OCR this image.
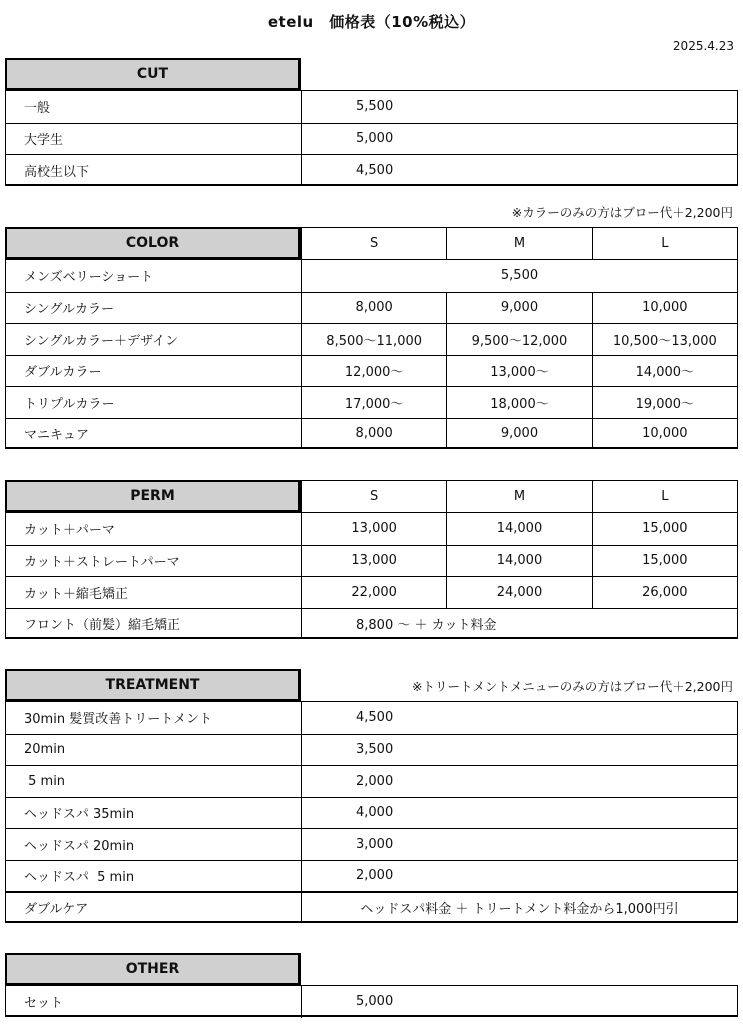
etelu　価格表（10%税込）
2025.4.23
CUT
一般	5,500
大学生	5,000
高校生以下	4,500
※カラーのみの方はブロー代＋2,200円
COLOR	S	M	L
メンズベリーショート	5,500
シングルカラー	8,000	9,000	10,000
シングルカラー＋デザイン	8,500〜11,000	9,500〜12,000	10,500〜13,000
ダブルカラー	12,000〜	13,000〜	14,000〜
トリプルカラー	17,000〜	18,000〜	19,000〜
マニキュア	8,000	9,000	10,000
PERM	S	M	L
カット＋パーマ	13,000	14,000	15,000
カット＋ストレートパーマ	13,000	14,000	15,000
カット＋縮毛矯正	22,000	24,000	26,000
フロント（前髪）縮毛矯正	8,800 〜 ＋ カット料金
※トリートメントメニューのみの方はブロー代＋2,200円
TREATMENT
30min 髪質改善トリートメント	4,500
20min	3,500
5 min	2,000
ヘッドスパ 35min	4,000
ヘッドスパ 20min	3,000
ヘッドスパ  5 min	2,000
ダブルケア	ヘッドスパ料金 ＋ トリートメント料金から1,000円引
OTHER
セット	5,000
